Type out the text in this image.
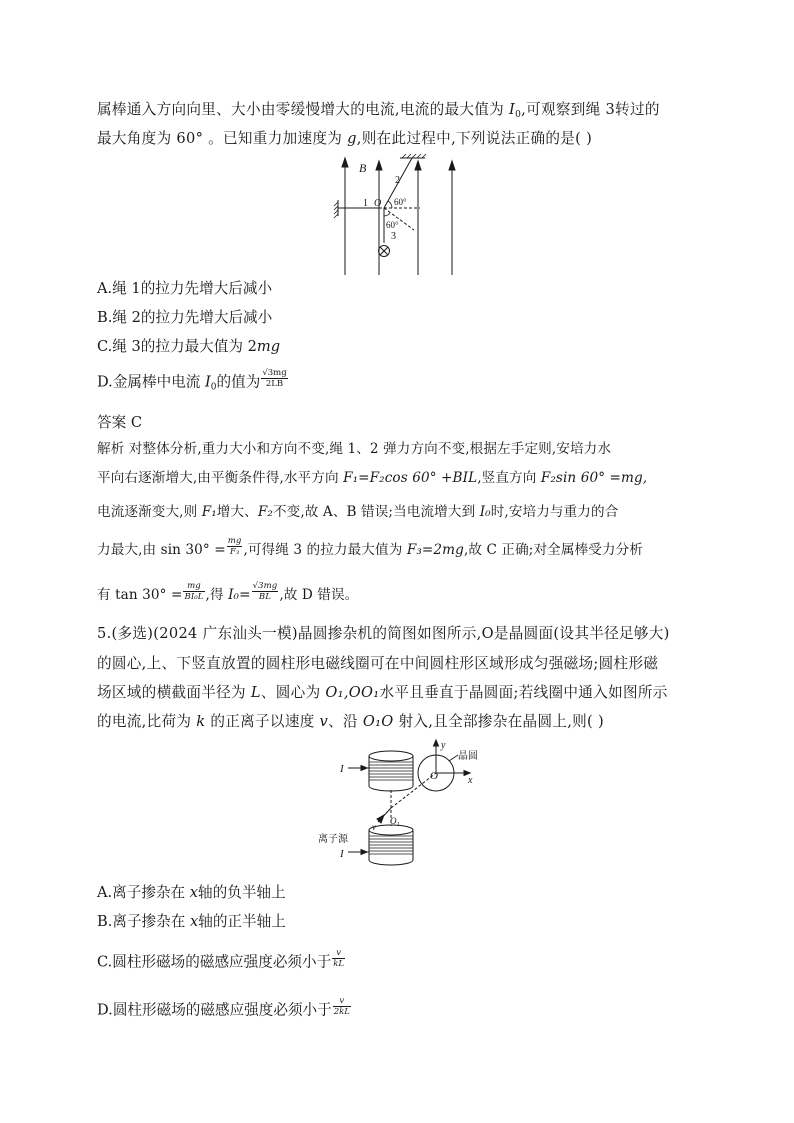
属棒通入方向向里、大小由零缓慢增大的电流,电流的最大值为 $I_0$,可观察到绳 3转过的
最大角度为 60° 。已知重力加速度为 g,则在此过程中,下列说法正确的是( )
B
1
2
3
O 60°
60°
A.绳 1的拉力先增大后减小
B.绳 2的拉力先增大后减小
C.绳 3的拉力最大值为 2mg
D.金属棒中电流 $I_0$的值为 $\frac{√3mg}{2LB}$
答案 C
解析 对整体分析,重力大小和方向不变,绳 1、2 弹力方向不变,根据左手定则,安培力水
平向右逐渐增大,由平衡条件得,水平方向 F₁=F₂cos 60° +BIL,竖直方向 F₂sin 60° =mg,
电流逐渐变大,则 F₁增大、F₂不变,故 A、B 错误;当电流增大到 I₀时,安培力与重力的合
力最大,由 $\sin 30^\circ = \frac{mg}{\text{F₃}}$ ,可得绳 3 的拉力最大值为 F₃=2mg,故 C 正确;对全属棒受力分析
有 $\tan 30^\circ = \frac{mg}{\text{BI₀L}}$ ,得 $I_0= \frac{√3mg}{BL}$ ,故 D 错误。
5.(多选)(2024 广东汕头一模)晶圆掺杂机的简图如图所示,O是晶圆面(设其半径足够大)
的圆心,上、下竖直放置的圆柱形电磁线圈可在中间圆柱形区域形成匀强磁场;圆柱形磁
场区域的横截面半径为 L、圆心为 O₁,OO₁水平且垂直于晶圆面;若线圈中通入如图所示
的电流,比荷为 k 的正离子以速度 v、沿 O₁O 射入,且全部掺杂在晶圆上,则( )
I
I
y
x
O
O₁
v
晶圆
离子源
A.离子掺杂在 x轴的负半轴上
B.离子掺杂在 x轴的正半轴上
C.圆柱形磁场的磁感应强度必须小于 $\frac{v}{kL}$
D.圆柱形磁场的磁感应强度必须小于 $\frac{v}{2kL}$
